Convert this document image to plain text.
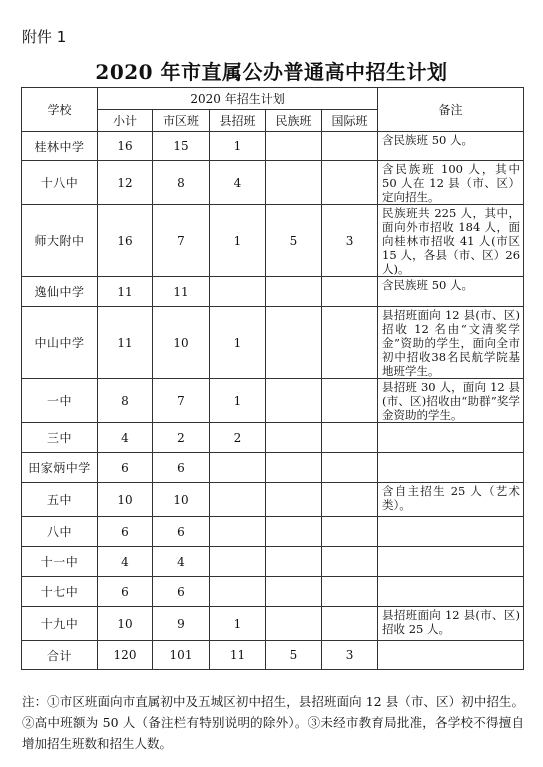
附件 1
2020 年市直属公办普通高中招生计划
学校	2020 年招生计划					备注
	小计	市区班	县招班	民族班	国际班	
桂林中学	16	15	1			含民族班 50 人。
十八中	12	8	4			含民族班 100 人，其中 50 人在 12 县（市、区）定向招生。
师大附中	16	7	1	5	3	民族班共 225 人，其中，面向外市招收 184 人，面向桂林市招收 41 人(市区 15 人，各县（市、区）26 人)。
逸仙中学	11	11				含民族班 50 人。
中山中学	11	10	1			县招班面向 12 县(市、区)招收 12 名由“文清奖学金”资助的学生，面向全市初中招收38名民航学院基地班学生。
一中	8	7	1			县招班 30 人，面向 12 县(市、区)招收由“助群”奖学金资助的学生。
三中	4	2	2			
田家炳中学	6	6				
五中	10	10				含自主招生 25 人（艺术类）。
八中	6	6				
十一中	4	4				
十七中	6	6				
十九中	10	9	1			县招班面向 12 县(市、区)招收 25 人。
合计	120	101	11	5	3	
注：①市区班面向市直属初中及五城区初中招生，县招班面向 12 县（市、区）初中招生。②高中班额为 50 人（备注栏有特别说明的除外）。③未经市教育局批准，各学校不得擅自增加招生班数和招生人数。
